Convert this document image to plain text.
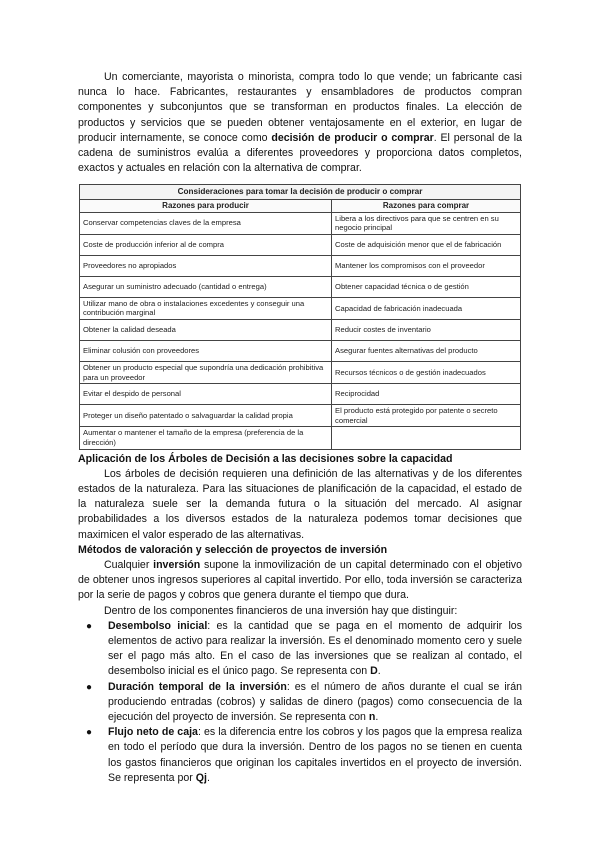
Un comerciante, mayorista o minorista, compra todo lo que vende; un fabricante casi nunca lo hace. Fabricantes, restaurantes y ensambladores de productos compran componentes y subconjuntos que se transforman en productos finales. La elección de productos y servicios que se pueden obtener ventajosamente en el exterior, en lugar de producir internamente, se conoce como decisión de producir o comprar. El personal de la cadena de suministros evalúa a diferentes proveedores y proporciona datos completos, exactos y actuales en relación con la alternativa de comprar.

Consideraciones para tomar la decisión de producir o comprar	
Razones para producir	Razones para comprar
Conservar competencias claves de la empresa	Libera a los directivos para que se centren en su negocio principal
Coste de producción inferior al de compra	Coste de adquisición menor que el de fabricación
Proveedores no apropiados	Mantener los compromisos con el proveedor
Asegurar un suministro adecuado (cantidad o entrega)	Obtener capacidad técnica o de gestión
Utilizar mano de obra o instalaciones excedentes y conseguir una contribución marginal	Capacidad de fabricación inadecuada
Obtener la calidad deseada	Reducir costes de inventario
Eliminar colusión con proveedores	Asegurar fuentes alternativas del producto
Obtener un producto especial que supondría una dedicación prohibitiva para un proveedor	Recursos técnicos o de gestión inadecuados
Evitar el despido de personal	Reciprocidad
Proteger un diseño patentado o salvaguardar la calidad propia	El producto está protegido por patente o secreto comercial
Aumentar o mantener el tamaño de la empresa (preferencia de la dirección)	
Aplicación de los Árboles de Decisión a las decisiones sobre la capacidad

Los árboles de decisión requieren una definición de las alternativas y de los diferentes estados de la naturaleza. Para las situaciones de planificación de la capacidad, el estado de la naturaleza suele ser la demanda futura o la situación del mercado. Al asignar probabilidades a los diversos estados de la naturaleza podemos tomar decisiones que maximicen el valor esperado de las alternativas.

Métodos de valoración y selección de proyectos de inversión

Cualquier inversión supone la inmovilización de un capital determinado con el objetivo de obtener unos ingresos superiores al capital invertido. Por ello, toda inversión se caracteriza por la serie de pagos y cobros que genera durante el tiempo que dura.

Dentro de los componentes financieros de una inversión hay que distinguir:

● Desembolso inicial: es la cantidad que se paga en el momento de adquirir los elementos de activo para realizar la inversión. Es el denominado momento cero y suele ser el pago más alto. En el caso de las inversiones que se realizan al contado, el desembolso inicial es el único pago. Se representa con D.
● Duración temporal de la inversión: es el número de años durante el cual se irán produciendo entradas (cobros) y salidas de dinero (pagos) como consecuencia de la ejecución del proyecto de inversión. Se representa con n.
● Flujo neto de caja: es la diferencia entre los cobros y los pagos que la empresa realiza en todo el período que dura la inversión. Dentro de los pagos no se tienen en cuenta los gastos financieros que originan los capitales invertidos en el proyecto de inversión. Se representa por Qj.
